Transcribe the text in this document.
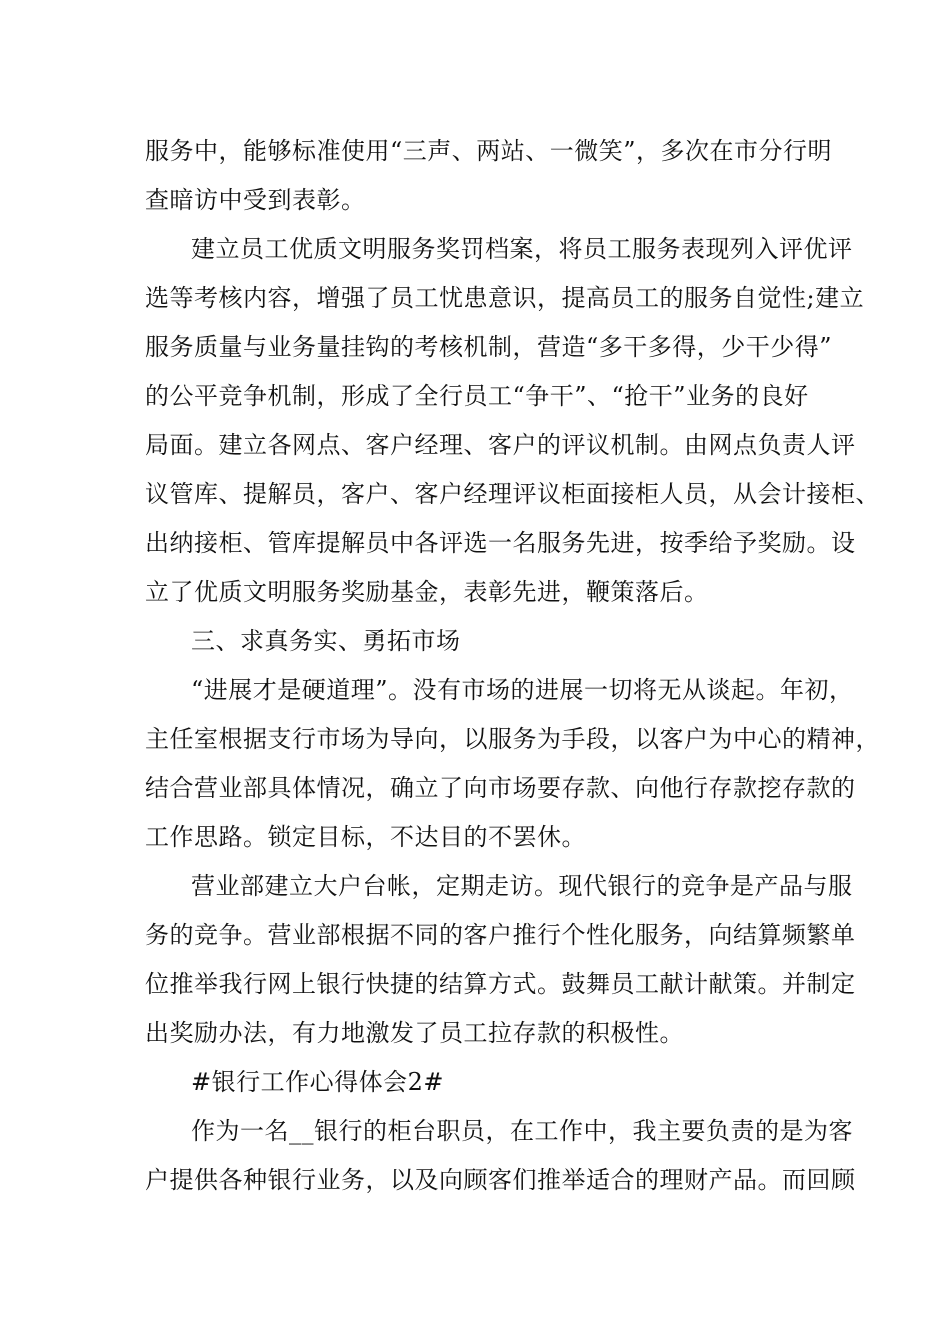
服务中，能够标准使用“三声、两站、一微笑”，多次在市分行明
查暗访中受到表彰。
建立员工优质文明服务奖罚档案，将员工服务表现列入评优评
选等考核内容，增强了员工忧患意识，提高员工的服务自觉性;建立
服务质量与业务量挂钩的考核机制，营造“多干多得，少干少得”
的公平竞争机制，形成了全行员工“争干”、“抢干”业务的良好
局面。建立各网点、客户经理、客户的评议机制。由网点负责人评
议管库、提解员，客户、客户经理评议柜面接柜人员，从会计接柜、
出纳接柜、管库提解员中各评选一名服务先进，按季给予奖励。设
立了优质文明服务奖励基金，表彰先进，鞭策落后。
三、求真务实、勇拓市场
“进展才是硬道理”。没有市场的进展一切将无从谈起。年初，
主任室根据支行市场为导向，以服务为手段，以客户为中心的精神，
结合营业部具体情况，确立了向市场要存款、向他行存款挖存款的
工作思路。锁定目标，不达目的不罢休。
营业部建立大户台帐，定期走访。现代银行的竞争是产品与服
务的竞争。营业部根据不同的客户推行个性化服务，向结算频繁单
位推举我行网上银行快捷的结算方式。鼓舞员工献计献策。并制定
出奖励办法，有力地激发了员工拉存款的积极性。
#银行工作心得体会2#
作为一名__银行的柜台职员，在工作中，我主要负责的是为客
户提供各种银行业务，以及向顾客们推举适合的理财产品。而回顾
